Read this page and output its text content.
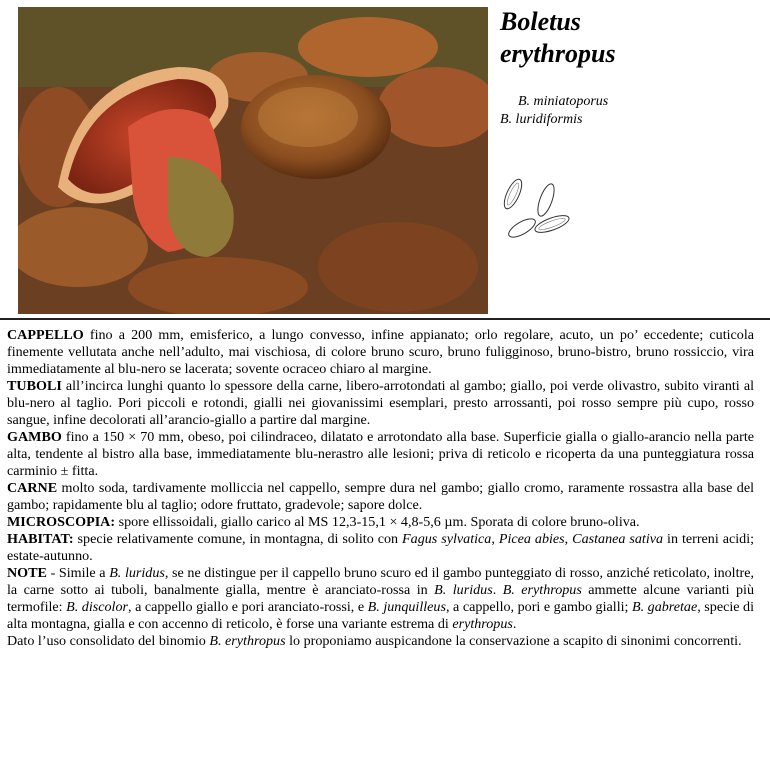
Boletus
erythropus
B. miniatoporus
B. luridiformis

CAPPELLO fino a 200 mm, emisferico, a lungo convesso, infine appianato; orlo regolare, acuto, un po’ eccedente; cuticola finemente vellutata anche nell’adulto, mai vischiosa, di colore bruno scuro, bruno fuligginoso, bruno-bistro, bruno rossiccio, vira immediatamente al blu-nero se lacerata; sovente ocraceo chiaro al margine.

TUBOLI all’incirca lunghi quanto lo spessore della carne, libero-arrotondati al gambo; giallo, poi verde olivastro, subito viranti al blu-nero al taglio. Pori piccoli e rotondi, gialli nei giovanissimi esemplari, presto arrossanti, poi rosso sempre più cupo, rosso sangue, infine decolorati all’arancio-giallo a partire dal margine.

GAMBO fino a 150 × 70 mm, obeso, poi cilindraceo, dilatato e arrotondato alla base. Superficie gialla o giallo-arancio nella parte alta, tendente al bistro alla base, immediatamente blu-nerastro alle lesioni; priva di reticolo e ricoperta da una punteggiatura rossa carminio ± fitta.

CARNE molto soda, tardivamente molliccia nel cappello, sempre dura nel gambo; giallo cromo, raramente rossastra alla base del gambo; rapidamente blu al taglio; odore fruttato, gradevole; sapore dolce.

MICROSCOPIA: spore ellissoidali, giallo carico al MS 12,3-15,1 × 4,8-5,6 µm. Sporata di colore bruno-oliva.

HABITAT: specie relativamente comune, in montagna, di solito con Fagus sylvatica, Picea abies, Castanea sativa in terreni acidi; estate-autunno.

NOTE - Simile a B. luridus, se ne distingue per il cappello bruno scuro ed il gambo punteggiato di rosso, anziché reticolato, inoltre, la carne sotto ai tuboli, banalmente gialla, mentre è aranciato-rossa in B. luridus. B. erythropus ammette alcune varianti più termofile: B. discolor, a cappello giallo e pori aranciato-rossi, e B. junquilleus, a cappello, pori e gambo gialli; B. gabretae, specie di alta montagna, gialla e con accenno di reticolo, è forse una variante estrema di erythropus.

Dato l’uso consolidato del binomio B. erythropus lo proponiamo auspicandone la conservazione a scapito di sinonimi concorrenti.
